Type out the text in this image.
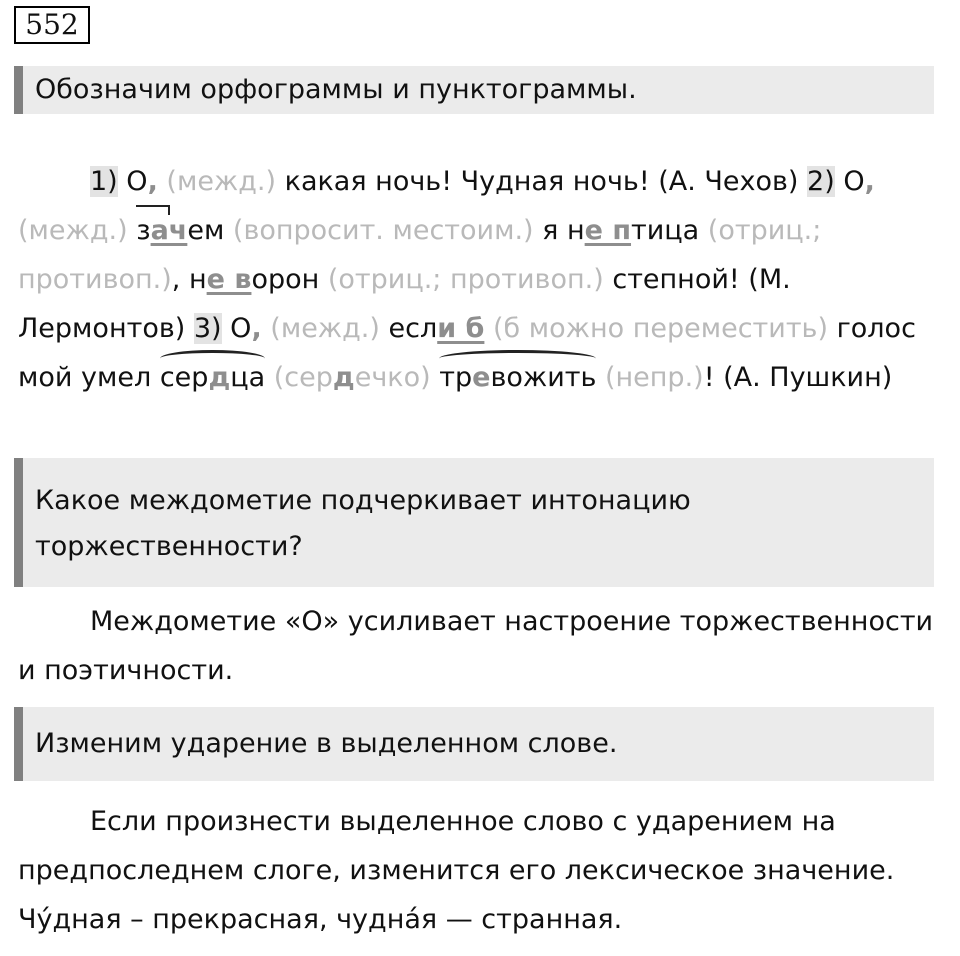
552
Обозначим орфограммы и пунктограммы.
1) О, (межд.) какая ночь! Чудная ночь! (А. Чехов) 2) О, (межд.) зачем (вопросит. местоим.) я не птица (отриц.; противоп.), не ворон (отриц.; противоп.) степной! (М. Лермонтов) 3) О, (межд.) если б (б можно переместить) голос мой умел сердца (сердечко) тревожить (непр.)! (А. Пушкин)
Какое междометие подчеркивает интонацию торжественности?
Междометие «О» усиливает настроение торжественности и поэтичности.
Изменим ударение в выделенном слове.
Если произнести выделенное слово с ударением на предпоследнем слоге, изменится его лексическое значение. Чу́дная – прекрасная, чудна́я — странная.
